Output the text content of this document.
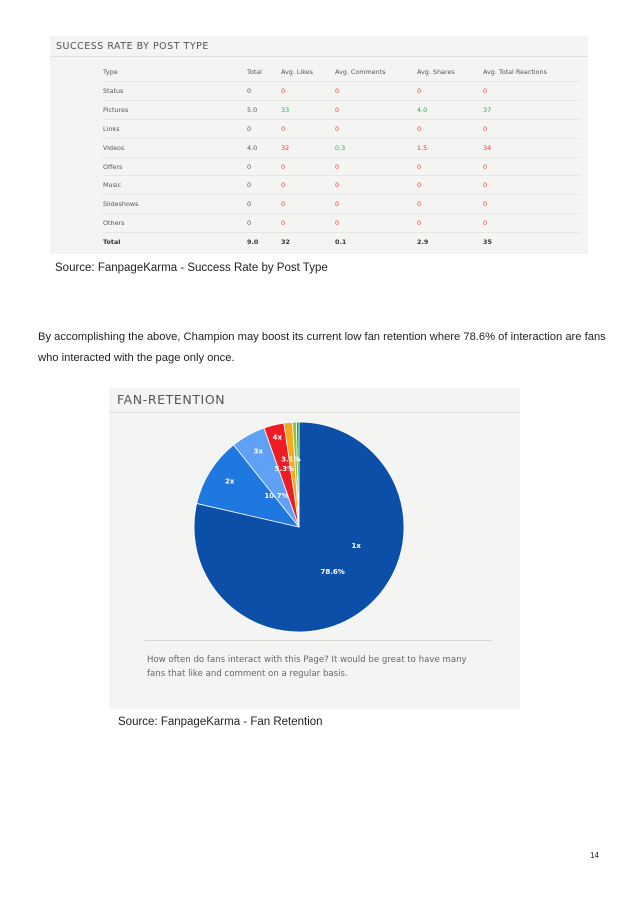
SUCCESS RATE BY POST TYPE
Type	Total	Avg. Likes	Avg. Comments	Avg. Shares	Avg. Total Reactions
Status	0	0	0	0	0
Pictures	5.0	33	0	4.0	37
Links	0	0	0	0	0
Videos	4.0	32	0.3	1.5	34
Offers	0	0	0	0	0
Music	0	0	0	0	0
Slideshows	0	0	0	0	0
Others	0	0	0	0	0
Total	9.0	32	0.1	2.9	35
Source: FanpageKarma - Success Rate by Post Type

By accomplishing the above, Champion may boost its current low fan retention where 78.6% of interaction are fans who interacted with the page only once.

FAN-RETENTION
1x
78.6%
2x
10.7%
3x
5.3%
4x
3.1%

How often do fans interact with this Page? It would be great to have many fans that like and comment on a regular basis.

Source: FanpageKarma - Fan Retention
14
